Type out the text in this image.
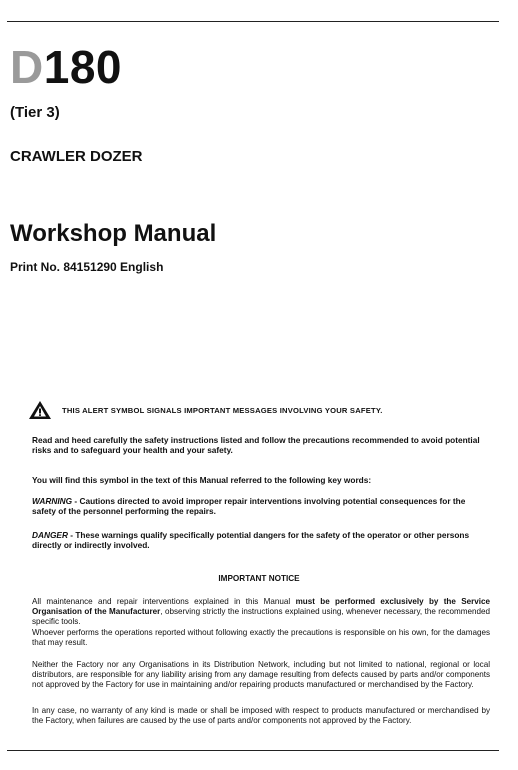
D180
(Tier 3)
CRAWLER DOZER
Workshop Manual
Print No. 84151290 English
THIS ALERT SYMBOL SIGNALS IMPORTANT MESSAGES INVOLVING YOUR SAFETY.
Read and heed carefully the safety instructions listed and follow the precautions recommended to avoid potential risks and to safeguard your health and your safety.
You will find this symbol in the text of this Manual referred to the following key words:
WARNING - Cautions directed to avoid improper repair interventions involving potential consequences for the safety of the personnel performing the repairs.
DANGER - These warnings qualify specifically potential dangers for the safety of the operator or other persons directly or indirectly involved.
IMPORTANT NOTICE
All maintenance and repair interventions explained in this Manual must be performed exclusively by the Service Organisation of the Manufacturer, observing strictly the instructions explained using, whenever necessary, the recommended specific tools.
Whoever performs the operations reported without following exactly the precautions is responsible on his own, for the damages that may result.
Neither the Factory nor any Organisations in its Distribution Network, including but not limited to national, regional or local distributors, are responsible for any liability arising from any damage resulting from defects caused by parts and/or components not approved by the Factory for use in maintaining and/or repairing products manufactured or merchandised by the Factory.
In any case, no warranty of any kind is made or shall be imposed with respect to products manufactured or merchandised by the Factory, when failures are caused by the use of parts and/or components not approved by the Factory.
